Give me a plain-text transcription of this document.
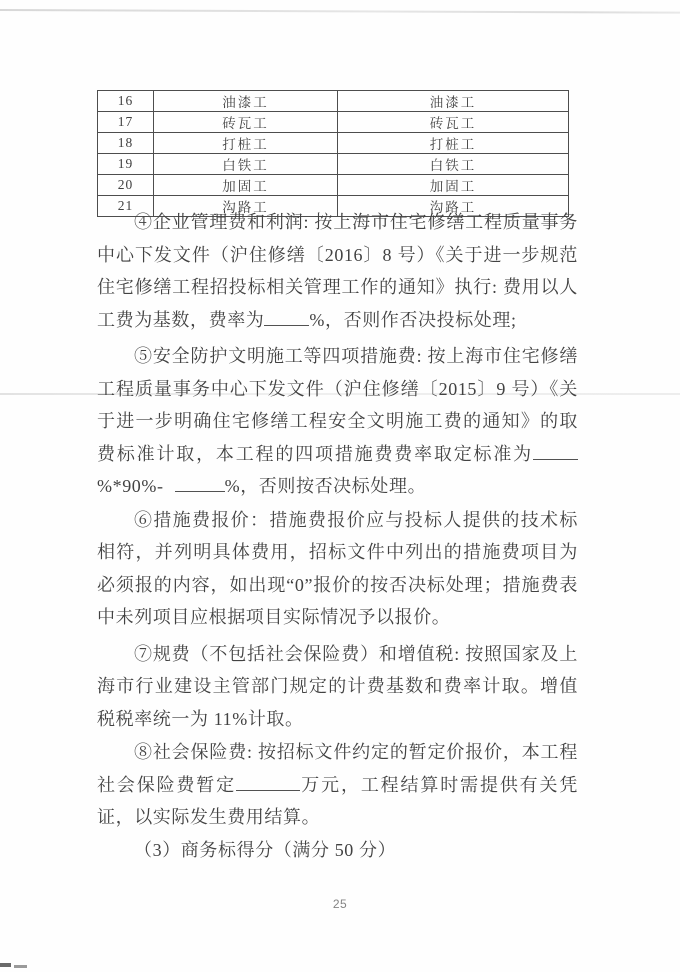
16	油漆工	油漆工
17	砖瓦工	砖瓦工
18	打桩工	打桩工
19	白铁工	白铁工
20	加固工	加固工
21	沟路工	沟路工

④企业管理费和利润: 按上海市住宅修缮工程质量事务中心下发文件（沪住修缮〔2016〕8 号）《关于进一步规范住宅修缮工程招投标相关管理工作的通知》执行: 费用以人工费为基数，费率为	%，否则作否决投标处理;

⑤安全防护文明施工等四项措施费: 按上海市住宅修缮工程质量事务中心下发文件（沪住修缮〔2015〕9 号）《关于进一步明确住宅修缮工程安全文明施工费的通知》的取费标准计取，本工程的四项措施费费率取定标准为%*90%-	%，否则按否决标处理。

⑥措施费报价：措施费报价应与投标人提供的技术标相符，并列明具体费用，招标文件中列出的措施费项目为必须报的内容，如出现“0”报价的按否决标处理；措施费表中未列项目应根据项目实际情况予以报价。

⑦规费（不包括社会保险费）和增值税: 按照国家及上海市行业建设主管部门规定的计费基数和费率计取。增值税税率统一为 11%计取。

⑧社会保险费: 按招标文件约定的暂定价报价，本工程社会保险费暂定	万元，工程结算时需提供有关凭证，以实际发生费用结算。

（3）商务标得分（满分 50 分）

25
